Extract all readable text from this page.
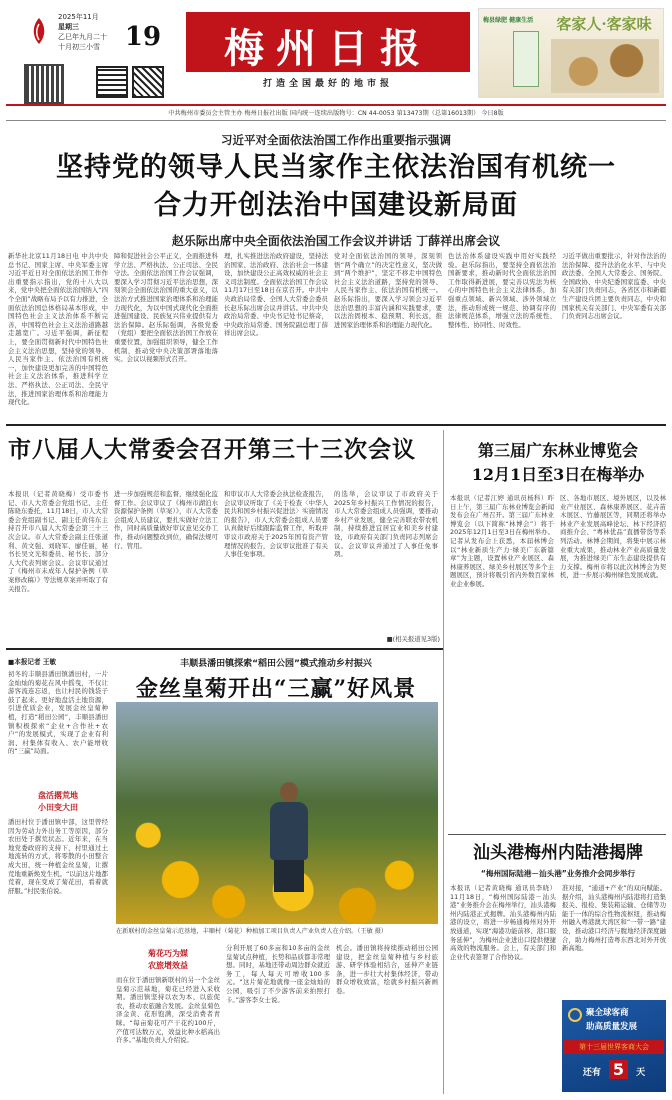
2025年11月
星期三
乙巳年九月二十
十月初三小雪 19	梅州日报
打造全国最好的地市报
梅县绿肥 健康生活	客家人·客家味
中共梅州市委员会主管主办 梅州日报社出版 国内统一连续出版物号：CN 44-0053 第13473期（总第16013期） 今日8版
习近平对全面依法治国工作作出重要指示强调
坚持党的领导人民当家作主依法治国有机统一
合力开创法治中国建设新局面
赵乐际出席中央全面依法治国工作会议并讲话 丁薛祥出席会议
新华社北京11月18日电 中共中央总书记、国家主席、中央军委主席习近平近日对全面依法治国工作作出重要指示指出，党的十八大以来，党中央把全面依法治国纳入“四个全面”战略布局予以有力推进，全面依法治国总体格局基本形成，中国特色社会主义法治体系不断完善，中国特色社会主义法治道路越走越宽广。习近平强调，新征程上，要全面贯彻新时代中国特色社会主义法治思想，坚持党的领导、人民当家作主、依法治国有机统一，加快建设更加完善的中国特色社会主义法治体系，推进科学立法、严格执法、公正司法、全民守法，推进国家治理体系和治理能力现代化。
障和促进社会公平正义，全面推进科学立法、严格执法、公正司法、全民守法。全面依法治国工作会议强调，要深入学习贯彻习近平法治思想，深刻领会全面依法治国的重大意义，以法治方式推进国家治理体系和治理能力现代化，为以中国式现代化全面推进强国建设、民族复兴伟业提供有力法治保障。赵乐际强调，各级党委（党组）要把全面依法治国工作放在重要位置，加强组织领导，健全工作机制，推动党中央决策部署落地落实。会议以视频形式召开。
理，扎实推进法治政府建设，坚持法治国家、法治政府、法治社会一体建设，加快建设公正高效权威的社会主义司法制度。全面依法治国工作会议11月17日至18日在京召开。中共中央政治局常委、全国人大常委会委员长赵乐际出席会议并讲话。中共中央政治局常委、中央书记处书记蔡奇，中央政治局常委、国务院副总理丁薛祥出席会议。
党对全面依法治国的领导，深刻领悟“两个确立”的决定性意义，坚决做到“两个维护”，坚定不移走中国特色社会主义法治道路，坚持党的领导、人民当家作主、依法治国有机统一。赵乐际指出，要深入学习领会习近平法治思想的丰富内涵和实践要求，要以法治固根本、稳预期、利长远，推进国家治理体系和治理能力现代化。
色法治体系建设实践中用好实践经验。赵乐际指出，要坚持全面依法治国新要求，推动新时代全面依法治国工作取得新进展，要完善以宪法为核心的中国特色社会主义法律体系，加强重点领域、新兴领域、涉外领域立法，推动形成统一规范、协调有序的法律规范体系，增强立法的系统性、整体性、协同性、时效性。
习近平做出重要批示，针对作法治的法治保障、提升法治化水平、与中央政法委、全国人大常委会、国务院、全国政协、中央纪委国家监委、中央有关部门负责同志，各省区市和新疆生产建设兵团主要负责同志，中央和国家机关有关部门、中央军委有关部门负责同志出席会议。
市八届人大常委会召开第三十三次会议
本报讯（记者黄晓梅）受市委书记、市人大常委会党组书记、主任陈晓东委托，11月18日，市人大常委会党组副书记、副主任黄伟东主持召开市八届人大常委会第三十三次会议。市人大常委会副主任张道利、黄文强、刘晓军、廖佳丽，秘书长吴文光和委员、秘书长、部分人大代表列席会议。会议审议通过了《梅州市未成年人保护条例（草案修改稿）》等法规草案并听取了有关报告。
进一步加强规范和监督，继续强化监督工作。会议审议了《梅州市湖泊水资源保护条例（草案）》，市人大常委会组成人员建议，要扎实做好立法工作，同时高质量做好审议意见交办工作，推动问题整改到位，确保法规可行、管用。
和审议市人大常委会执法检查报告，会议审议听取了《关于检查〈中华人民共和国乡村振兴促进法〉实施情况的报告》，市人大常委会组成人员要认真做好后续跟踪监督工作，听取并审议市政府关于2025年国有资产管理情况的报告，会议审议批准了有关人事任免事项。
的选举，会议审议了市政府关于2025年乡村振兴工作情况的报告，市人大常委会组成人员强调，要推动乡村产业发展，健全完善联农带农机制，持续推进宜居宜业和美乡村建设，市政府有关部门负责同志列席会议。会议审议并通过了人事任免事项。
■(相关报道见3版)
第三届广东林业博览会
12月1日至3日在梅举办
本报讯（记者江婷 通讯员杨科）昨日上午，第三届广东林业博览会新闻发布会在广州召开。第三届广东林业博览会（以下简称“林博会”）将于2025年12月1日至3日在梅州举办。记者从发布会上获悉，本届林博会以“林业新质生产力·绿美广东新篇章”为主题，设置林业产业展区、森林康养展区、绿美乡村展区等多个主题展区，预计将吸引省内外数百家林业企业参展。
区、各地市展区、境外展区，以及林业产业展区、森林康养展区、花卉苗木展区、竹藤展区等，同期还将举办林业产业发展高峰论坛、林下经济招商推介会、“粤林优品”直播带货等系列活动。林博会期间，将集中展示林业重大成果，推动林业产业高质量发展，为推进绿美广东生态建设提供有力支撑。梅州市将以此次林博会为契机，进一步展示梅州绿色发展成就。
■本报记者 王敏
初冬的丰顺县潘田镇潘田村，一片金灿灿的菊花在风中摇曳，不仅让游客流连忘返，也让村民的钱袋子鼓了起来。更好地盘活土地资源，引进优质企业，发展金丝皇菊种植，打造“稻田公园”，丰顺县潘田镇积极探索“企业+合作社+农户”的发展模式，实现了企业有利润、村集体有收入、农户能增收的“三赢”局面。
盘活撂荒地
小田变大田
潘田村位于潘田镇中部，这里曾经因为劳动力外出务工等原因，部分农田处于撂荒状态。近年来，在当地党委政府的支持下，村里通过土地流转的方式，将零散的小田整合成大田，统一种植金丝皇菊，让撂荒地重新焕发生机。“以前这片地都荒着，现在变成了菊花田，看着就舒服。”村民张伯说。
丰顺县潘田镇探索“稻田公园”模式推动乡村振兴
金丝皇菊开出“三赢”好风景
在新联村的金丝皇菊示范基地，丰顺村（菊花）种植加工项目负责人产业负责人在介绍。（王敏 摄）
菊花巧为媒
农旅增效益
而在位于潘田镇新联村的另一个金丝皇菊示范基地，菊花已经进入采收期。潘田镇坚持以农为本、以旅促农，推动农旅融合发展。金丝皇菊色泽金黄、花形饱满，深受消费者青睐。“每亩菊花可产干花约100斤，产值可达数万元，效益比种水稻高出许多。”基地负责人介绍说。
分利开展了60多亩和10多亩的金丝皇菊试点种植，长势和品质都非常理想。同时，基地还带动周边群众就近务工，每人每天可增收100多元。“这片菊花地就像一座金灿灿的公园，吸引了不少游客前来拍照打卡。”游客李女士说。
机会。潘田镇将持续推动稻田公园建设，把金丝皇菊种植与乡村旅游、研学体验相结合，延伸产业链条，进一步壮大村集体经济，带动群众增收致富，绘就乡村振兴新画卷。
汕头港梅州内陆港揭牌
“梅州国际陆港－汕头港”业务推介会同步举行
本报讯（记者黄晓梅 通讯员李晓）11月18日，“梅州国际陆港－汕头港”业务推介会在梅州举行，汕头港梅州内陆港正式揭牌。汕头港梅州内陆港的设立，将进一步畅通梅州对外开放通道，实现“海港功能前移、港口服务延伸”，为梅州企业进出口提供便捷高效的物流服务。会上，有关部门和企业代表签署了合作协议。
准对接，“通道+产业”的双向赋能。据介绍，汕头港梅州内陆港将打造集报关、报检、集装箱运输、仓储等功能于一体的综合性物流枢纽，推动梅州融入粤港澳大湾区和“一带一路”建设，推动港口经济与腹地经济深度融合，助力梅州打造粤东西北对外开放新高地。
聚全球客商
助高质量发展
第十三届世界客商大会
还有 5 天
